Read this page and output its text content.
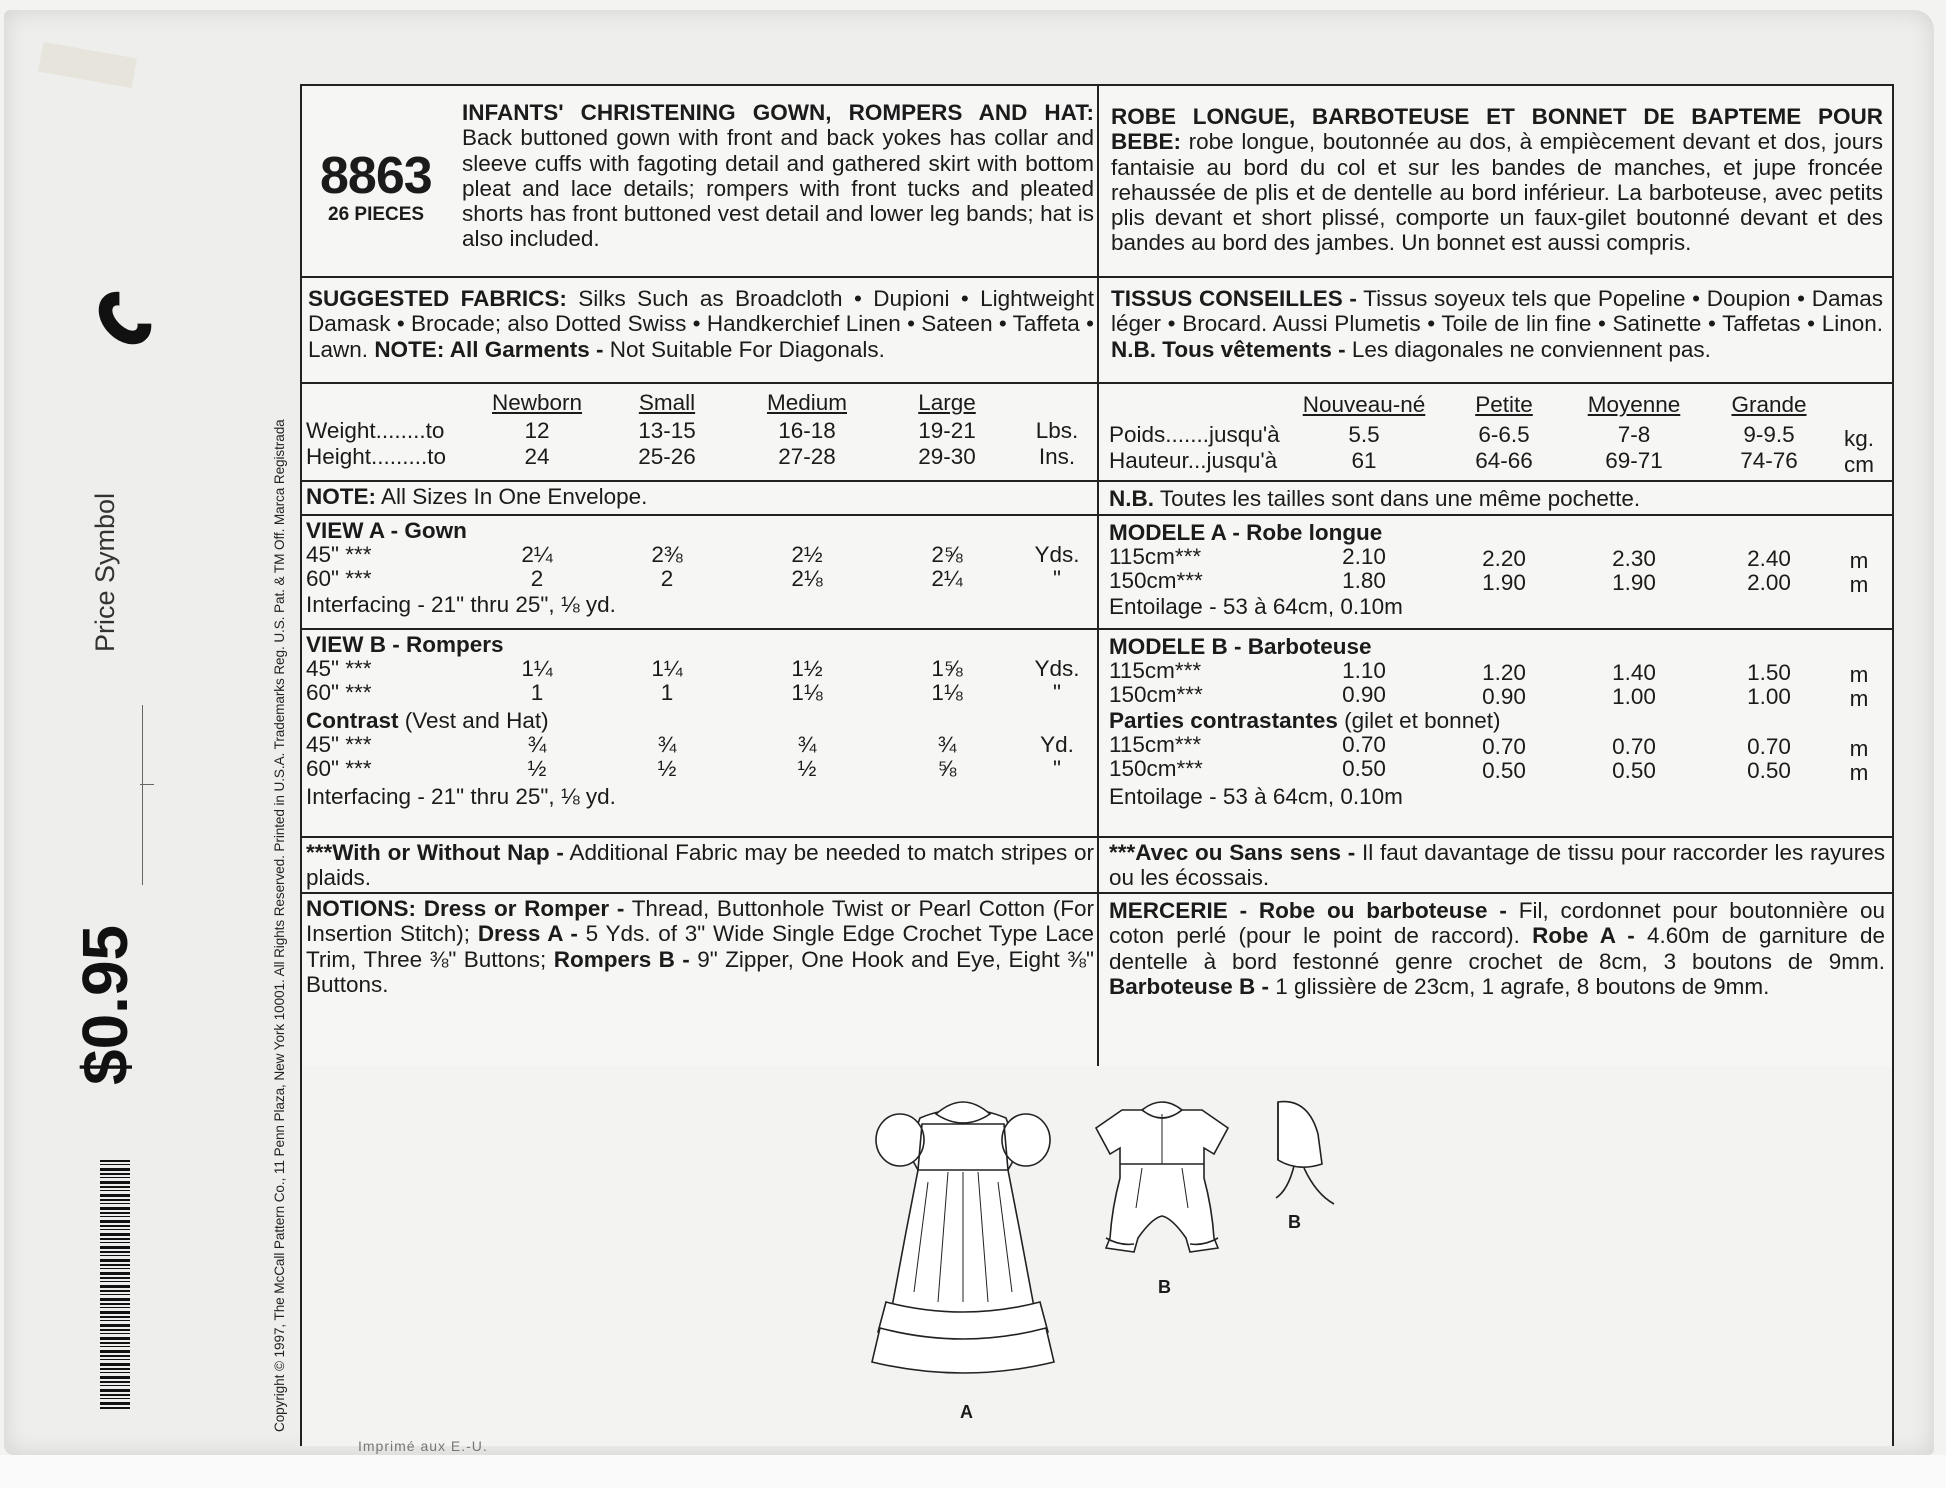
Price Symbol
$0.95	Copyright © 1997, The McCall Pattern Co., 11 Penn Plaza, New York 10001. All Rights Reserved. Printed in U.S.A. Trademarks Reg. U.S. Pat. & TM Off. Marca Registrada
8863
26 PIECES
INFANTS' CHRISTENING GOWN, ROMPERS AND HAT: Back buttoned gown with front and back yokes has collar and sleeve cuffs with fagoting detail and gathered skirt with bottom pleat and lace details; rompers with front tucks and pleated shorts has front buttoned vest detail and lower leg bands; hat is also included.
SUGGESTED FABRICS: Silks Such as Broadcloth • Dupioni • Lightweight Damask • Brocade; also Dotted Swiss • Handkerchief Linen • Sateen • Taffeta • Lawn. NOTE: All Garments - Not Suitable For Diagonals.
Newborn	Small	Medium	Large
Weight........to	12	13-15	16-18	19-21	Lbs.
Height.........to	24	25-26	27-28	29-30	Ins.
NOTE: All Sizes In One Envelope.
VIEW A - Gown
45" ***	2¼	2⅜	2½	2⅝	Yds.
60" ***	2	2	2⅛	2¼	"
Interfacing - 21" thru 25", ⅛ yd.
VIEW B - Rompers
45" ***	1¼	1¼	1½	1⅝	Yds.
60" ***	1	1	1⅛	1⅛	"
Contrast (Vest and Hat)
45" ***	¾	¾	¾	¾	Yd.
60" ***	½	½	½	⅝	"
Interfacing - 21" thru 25", ⅛ yd.
***With or Without Nap - Additional Fabric may be needed to match stripes or plaids.
NOTIONS: Dress or Romper - Thread, Buttonhole Twist or Pearl Cotton (For Insertion Stitch); Dress A - 5 Yds. of 3" Wide Single Edge Crochet Type Lace Trim, Three ⅜" Buttons; Rompers B - 9" Zipper, One Hook and Eye, Eight ⅜" Buttons.
ROBE LONGUE, BARBOTEUSE ET BONNET DE BAPTEME POUR BEBE: robe longue, boutonnée au dos, à empiècement devant et dos, jours fantaisie au bord du col et sur les bandes de manches, et jupe froncée rehaussée de plis et de dentelle au bord inférieur. La barboteuse, avec petits plis devant et short plissé, comporte un faux-gilet boutonné devant et des bandes au bord des jambes. Un bonnet est aussi compris.
TISSUS CONSEILLES - Tissus soyeux tels que Popeline • Doupion • Damas léger • Brocard. Aussi Plumetis • Toile de lin fine • Satinette • Taffetas • Linon. N.B. Tous vêtements - Les diagonales ne conviennent pas.
Nouveau-né	Petite	Moyenne	Grande
Poids.......jusqu'à	5.5	6-6.5	7-8	9-9.5	kg.
Hauteur...jusqu'à	61	64-66	69-71	74-76	cm
N.B. Toutes les tailles sont dans une même pochette.
MODELE A - Robe longue
115cm***	2.10	2.20	2.30	2.40	m
150cm***	1.80	1.90	1.90	2.00	m
Entoilage - 53 à 64cm, 0.10m
MODELE B - Barboteuse
115cm***	1.10	1.20	1.40	1.50	m
150cm***	0.90	0.90	1.00	1.00	m
Parties contrastantes (gilet et bonnet)
115cm***	0.70	0.70	0.70	0.70	m
150cm***	0.50	0.50	0.50	0.50	m
Entoilage - 53 à 64cm, 0.10m
***Avec ou Sans sens - Il faut davantage de tissu pour raccorder les rayures ou les écossais.
MERCERIE - Robe ou barboteuse - Fil, cordonnet pour boutonnière ou coton perlé (pour le point de raccord). Robe A - 4.60m de garniture de dentelle à bord festonné genre crochet de 8cm, 3 boutons de 9mm. Barboteuse B - 1 glissière de 23cm, 1 agrafe, 8 boutons de 9mm.
A
B
B
Imprimé aux E.-U.
